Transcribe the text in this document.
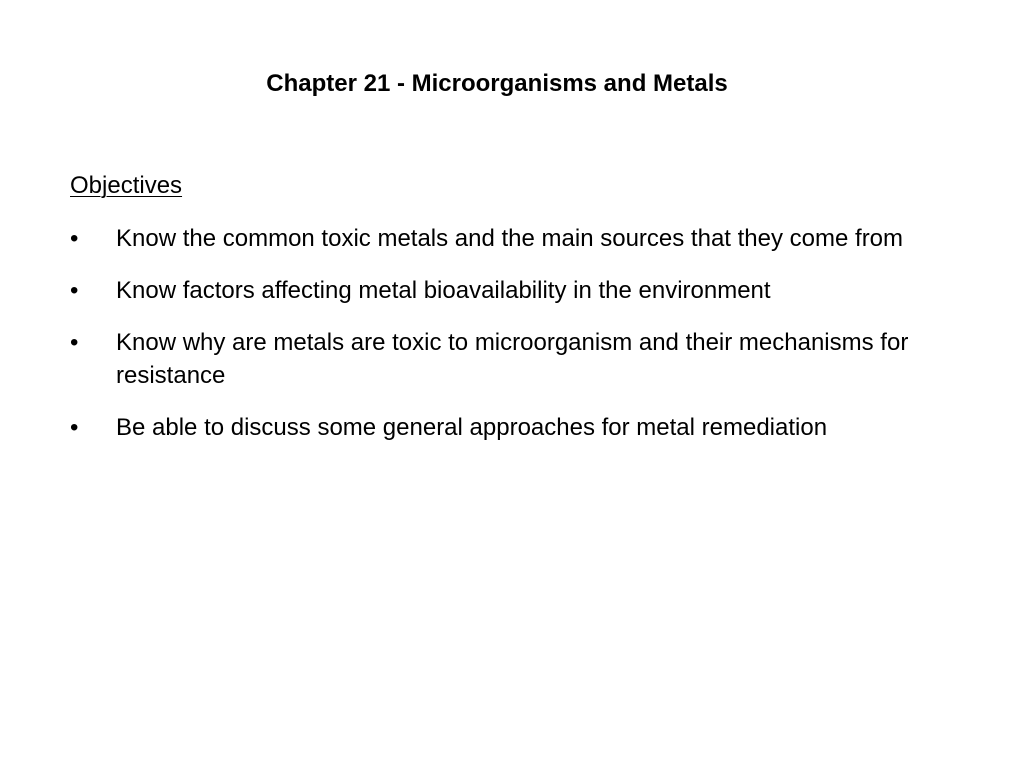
Chapter 21 - Microorganisms and Metals
Objectives
•	Know the common toxic metals and the main sources that they come from
•	Know factors affecting metal bioavailability in the environment
•	Know why are metals are toxic to microorganism and their mechanisms for resistance
•	Be able to discuss some general approaches for metal remediation
